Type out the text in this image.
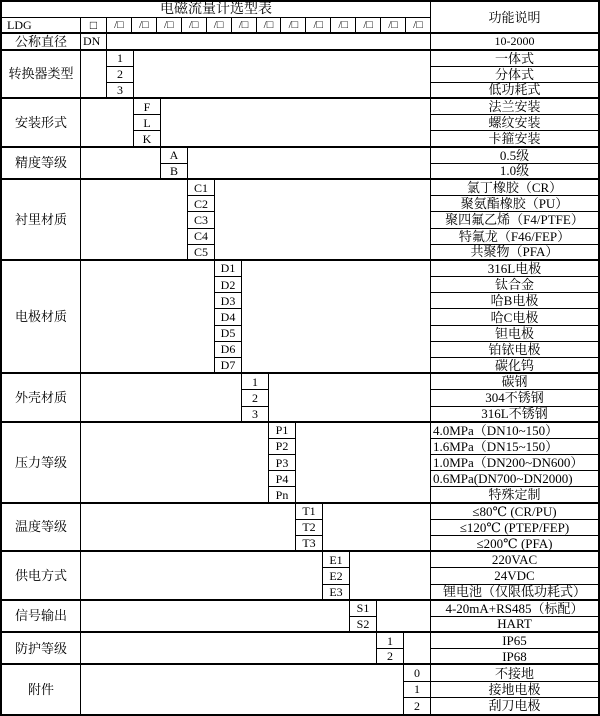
电磁流量计选型表
功能说明
LDG	□	/□	/□	/□	/□	/□	/□	/□	/□	/□	/□	/□	/□	/□
公称直径	DN	10-2000
转换器类型
1	一体式
2	分体式
3	低功耗式
安装形式
F	法兰安装
L	螺纹安装
K	卡箍安装
精度等级
A	0.5级
B	1.0级
衬里材质
C1	氯丁橡胶（CR）
C2	聚氨酯橡胶（PU）
C3	聚四氟乙烯（F4/PTFE）
C4	特氟龙（F46/FEP）
C5	共聚物（PFA）
电极材质
D1	316L电极
D2	钛合金
D3	哈B电极
D4	哈C电极
D5	钽电极
D6	铂铱电极
D7	碳化钨
外壳材质
1	碳钢
2	304不锈钢
3	316L不锈钢
压力等级
P1	4.0MPa（DN10~150）
P2	1.6MPa（DN15~150）
P3	1.0MPa（DN200~DN600）
P4	0.6MPa(DN700~DN2000)
Pn	特殊定制
温度等级
T1	≤80℃ (CR/PU)
T2	≤120℃ (PTEP/FEP)
T3	≤200℃ (PFA)
供电方式
E1	220VAC
E2	24VDC
E3	锂电池（仅限低功耗式）
信号输出
S1	4-20mA+RS485（标配）
S2	HART
防护等级
1	IP65
2	IP68
附件
0	不接地
1	接地电极
2	刮刀电极
